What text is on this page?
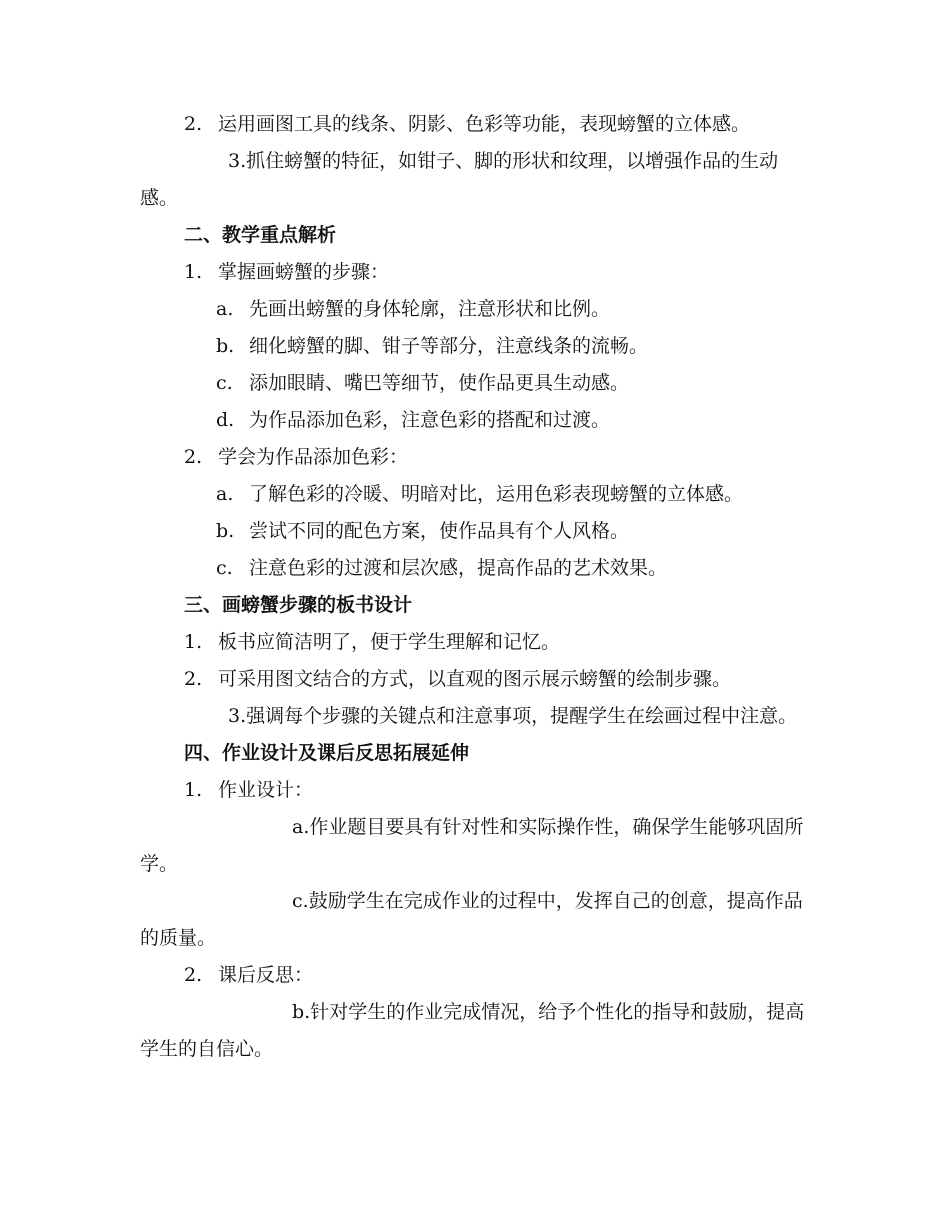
2. 运用画图工具的线条、阴影、色彩等功能，表现螃蟹的立体感。
3.抓住螃蟹的特征，如钳子、脚的形状和纹理，以增强作品的生动感。
二、教学重点解析
1. 掌握画螃蟹的步骤：
a. 先画出螃蟹的身体轮廓，注意形状和比例。
b. 细化螃蟹的脚、钳子等部分，注意线条的流畅。
c. 添加眼睛、嘴巴等细节，使作品更具生动感。
d. 为作品添加色彩，注意色彩的搭配和过渡。
2. 学会为作品添加色彩：
a. 了解色彩的冷暖、明暗对比，运用色彩表现螃蟹的立体感。
b. 尝试不同的配色方案，使作品具有个人风格。
c. 注意色彩的过渡和层次感，提高作品的艺术效果。
三、画螃蟹步骤的板书设计
1. 板书应简洁明了，便于学生理解和记忆。
2. 可采用图文结合的方式，以直观的图示展示螃蟹的绘制步骤。
3.强调每个步骤的关键点和注意事项，提醒学生在绘画过程中注意。
四、作业设计及课后反思拓展延伸
1. 作业设计：
a.作业题目要具有针对性和实际操作性，确保学生能够巩固所学。
c.鼓励学生在完成作业的过程中，发挥自己的创意，提高作品的质量。
2. 课后反思：
b.针对学生的作业完成情况，给予个性化的指导和鼓励，提高学生的自信心。
